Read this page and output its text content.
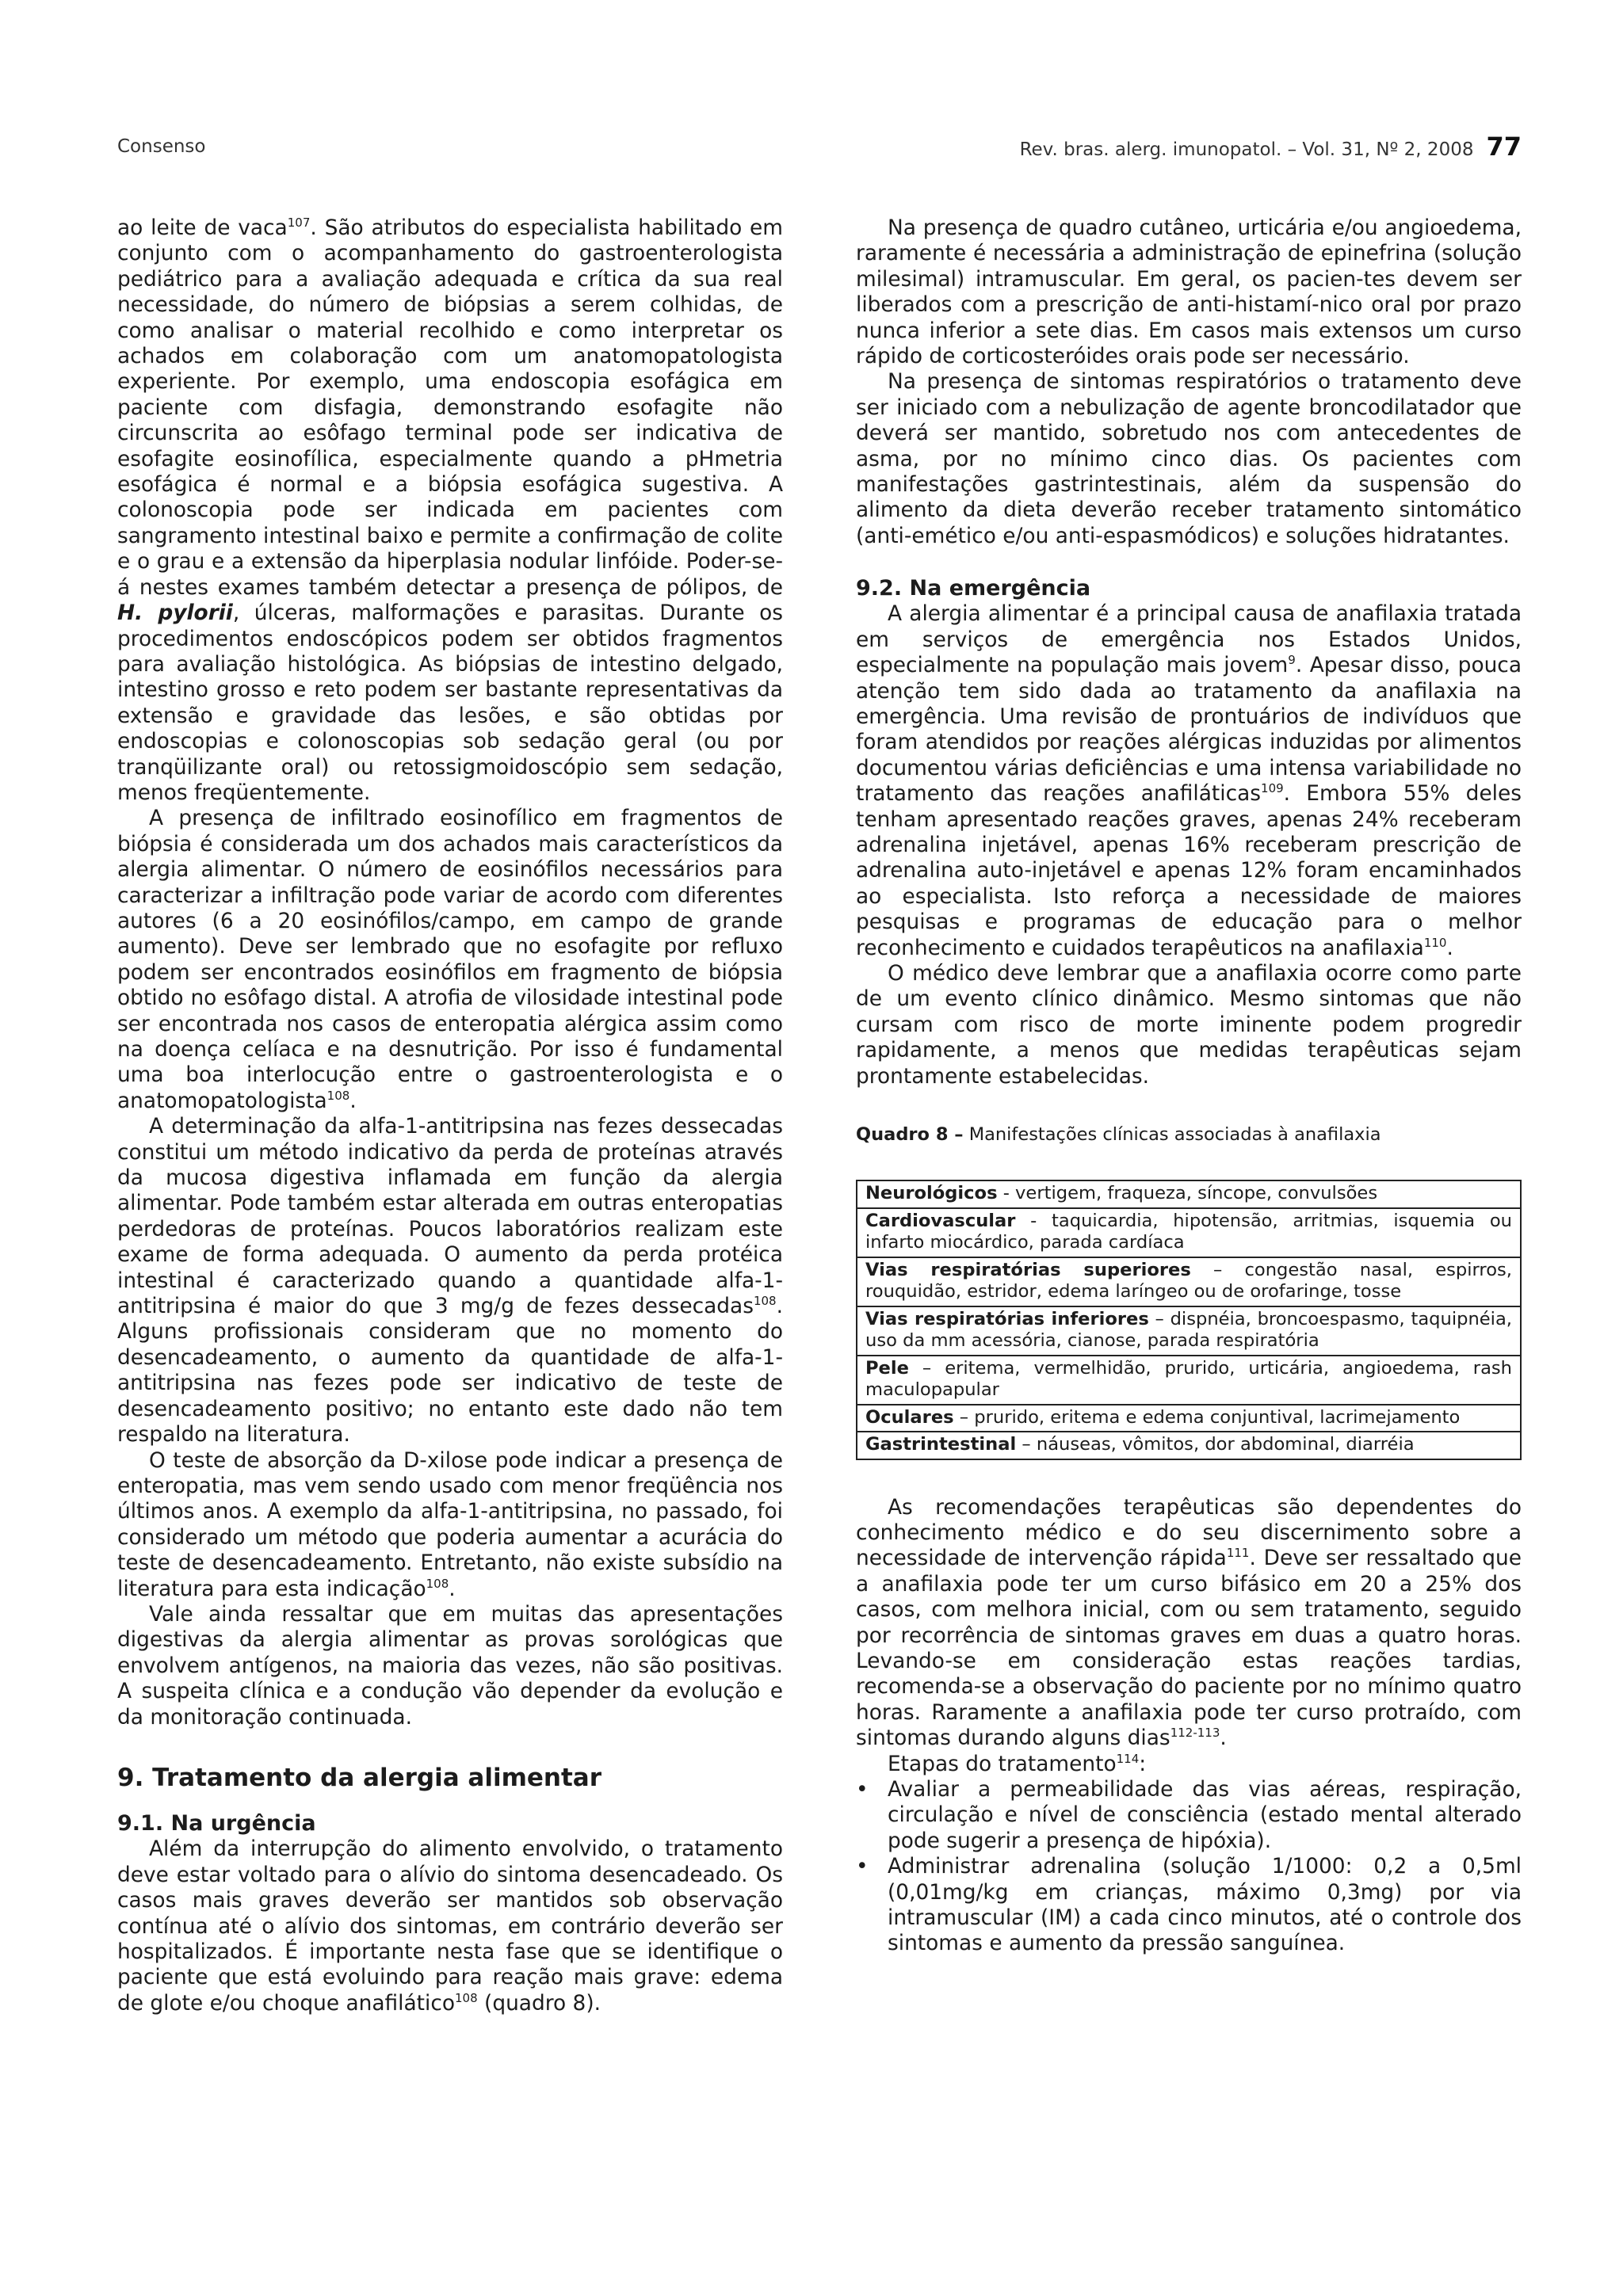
Consenso	Rev. bras. alerg. imunopatol. – Vol. 31, Nº 2, 2008 77

ao leite de vaca$^{107}$. São atributos do especialista habilitado em conjunto com o acompanhamento do gastroenterologista pediátrico para a avaliação adequada e crítica da sua real necessidade, do número de biópsias a serem colhidas, de como analisar o material recolhido e como interpretar os achados em colaboração com um anatomopatologista experiente. Por exemplo, uma endoscopia esofágica em paciente com disfagia, demonstrando esofagite não circunscrita ao esôfago terminal pode ser indicativa de esofagite eosinofílica, especialmente quando a pHmetria esofágica é normal e a biópsia esofágica sugestiva. A colonoscopia pode ser indicada em pacientes com sangramento intestinal baixo e permite a confirmação de colite e o grau e a extensão da hiperplasia nodular linfóide. Poder-se-á nestes exames também detectar a presença de pólipos, de H. pylorii, úlceras, malformações e parasitas. Durante os procedimentos endoscópicos podem ser obtidos fragmentos para avaliação histológica. As biópsias de intestino delgado, intestino grosso e reto podem ser bastante representativas da extensão e gravidade das lesões, e são obtidas por endoscopias e colonoscopias sob sedação geral (ou por tranqüilizante oral) ou retossigmoidoscópio sem sedação, menos freqüentemente.

A presença de infiltrado eosinofílico em fragmentos de biópsia é considerada um dos achados mais característicos da alergia alimentar. O número de eosinófilos necessários para caracterizar a infiltração pode variar de acordo com diferentes autores (6 a 20 eosinófilos/campo, em campo de grande aumento). Deve ser lembrado que no esofagite por refluxo podem ser encontrados eosinófilos em fragmento de biópsia obtido no esôfago distal. A atrofia de vilosidade intestinal pode ser encontrada nos casos de enteropatia alérgica assim como na doença celíaca e na desnutrição. Por isso é fundamental uma boa interlocução entre o gastroenterologista e o anatomopatologista$^{108}$.

A determinação da alfa-1-antitripsina nas fezes dessecadas constitui um método indicativo da perda de proteínas através da mucosa digestiva inflamada em função da alergia alimentar. Pode também estar alterada em outras enteropatias perdedoras de proteínas. Poucos laboratórios realizam este exame de forma adequada. O aumento da perda protéica intestinal é caracterizado quando a quantidade alfa-1-antitripsina é maior do que 3 mg/g de fezes dessecadas$^{108}$. Alguns profissionais consideram que no momento do desencadeamento, o aumento da quantidade de alfa-1-antitripsina nas fezes pode ser indicativo de teste de desencadeamento positivo; no entanto este dado não tem respaldo na literatura.

O teste de absorção da D-xilose pode indicar a presença de enteropatia, mas vem sendo usado com menor freqüência nos últimos anos. A exemplo da alfa-1-antitripsina, no passado, foi considerado um método que poderia aumentar a acurácia do teste de desencadeamento. Entretanto, não existe subsídio na literatura para esta indicação$^{108}$.

Vale ainda ressaltar que em muitas das apresentações digestivas da alergia alimentar as provas sorológicas que envolvem antígenos, na maioria das vezes, não são positivas. A suspeita clínica e a condução vão depender da evolução e da monitoração continuada.

9. Tratamento da alergia alimentar
9.1. Na urgência

Além da interrupção do alimento envolvido, o tratamento deve estar voltado para o alívio do sintoma desencadeado. Os casos mais graves deverão ser mantidos sob observação contínua até o alívio dos sintomas, em contrário deverão ser hospitalizados. É importante nesta fase que se identifique o paciente que está evoluindo para reação mais grave: edema de glote e/ou choque anafilático$^{108}$ (quadro 8).

Na presença de quadro cutâneo, urticária e/ou angioedema, raramente é necessária a administração de epinefrina (solução milesimal) intramuscular. Em geral, os pacien-tes devem ser liberados com a prescrição de anti-histamí-nico oral por prazo nunca inferior a sete dias. Em casos mais extensos um curso rápido de corticosteróides orais pode ser necessário.

Na presença de sintomas respiratórios o tratamento deve ser iniciado com a nebulização de agente broncodilatador que deverá ser mantido, sobretudo nos com antecedentes de asma, por no mínimo cinco dias. Os pacientes com manifestações gastrintestinais, além da suspensão do alimento da dieta deverão receber tratamento sintomático (anti-emético e/ou anti-espasmódicos) e soluções hidratantes.

9.2. Na emergência

A alergia alimentar é a principal causa de anafilaxia tratada em serviços de emergência nos Estados Unidos, especialmente na população mais jovem$^9$. Apesar disso, pouca atenção tem sido dada ao tratamento da anafilaxia na emergência. Uma revisão de prontuários de indivíduos que foram atendidos por reações alérgicas induzidas por alimentos documentou várias deficiências e uma intensa variabilidade no tratamento das reações anafiláticas$^{109}$. Embora 55% deles tenham apresentado reações graves, apenas 24% receberam adrenalina injetável, apenas 16% receberam prescrição de adrenalina auto-injetável e apenas 12% foram encaminhados ao especialista. Isto reforça a necessidade de maiores pesquisas e programas de educação para o melhor reconhecimento e cuidados terapêuticos na anafilaxia$^{110}$.

O médico deve lembrar que a anafilaxia ocorre como parte de um evento clínico dinâmico. Mesmo sintomas que não cursam com risco de morte iminente podem progredir rapidamente, a menos que medidas terapêuticas sejam prontamente estabelecidas.

Quadro 8 – Manifestações clínicas associadas à anafilaxia
Neurológicos - vertigem, fraqueza, síncope, convulsões
Cardiovascular - taquicardia, hipotensão, arritmias, isquemia ou infarto miocárdico, parada cardíaca
Vias respiratórias superiores – congestão nasal, espirros, rouquidão, estridor, edema laríngeo ou de orofaringe, tosse
Vias respiratórias inferiores – dispnéia, broncoespasmo, taquipnéia, uso da mm acessória, cianose, parada respiratória
Pele – eritema, vermelhidão, prurido, urticária, angioedema, rash maculopapular
Oculares – prurido, eritema e edema conjuntival, lacrimejamento
Gastrintestinal – náuseas, vômitos, dor abdominal, diarréia

As recomendações terapêuticas são dependentes do conhecimento médico e do seu discernimento sobre a necessidade de intervenção rápida$^{111}$. Deve ser ressaltado que a anafilaxia pode ter um curso bifásico em 20 a 25% dos casos, com melhora inicial, com ou sem tratamento, seguido por recorrência de sintomas graves em duas a quatro horas. Levando-se em consideração estas reações tardias, recomenda-se a observação do paciente por no mínimo quatro horas. Raramente a anafilaxia pode ter curso protraído, com sintomas durando alguns dias$^{112-113}$.

Etapas do tratamento$^{114}$:

• Avaliar a permeabilidade das vias aéreas, respiração, circulação e nível de consciência (estado mental alterado pode sugerir a presença de hipóxia).
• Administrar adrenalina (solução 1/1000: 0,2 a 0,5ml (0,01mg/kg em crianças, máximo 0,3mg) por via intramuscular (IM) a cada cinco minutos, até o controle dos sintomas e aumento da pressão sanguínea.
